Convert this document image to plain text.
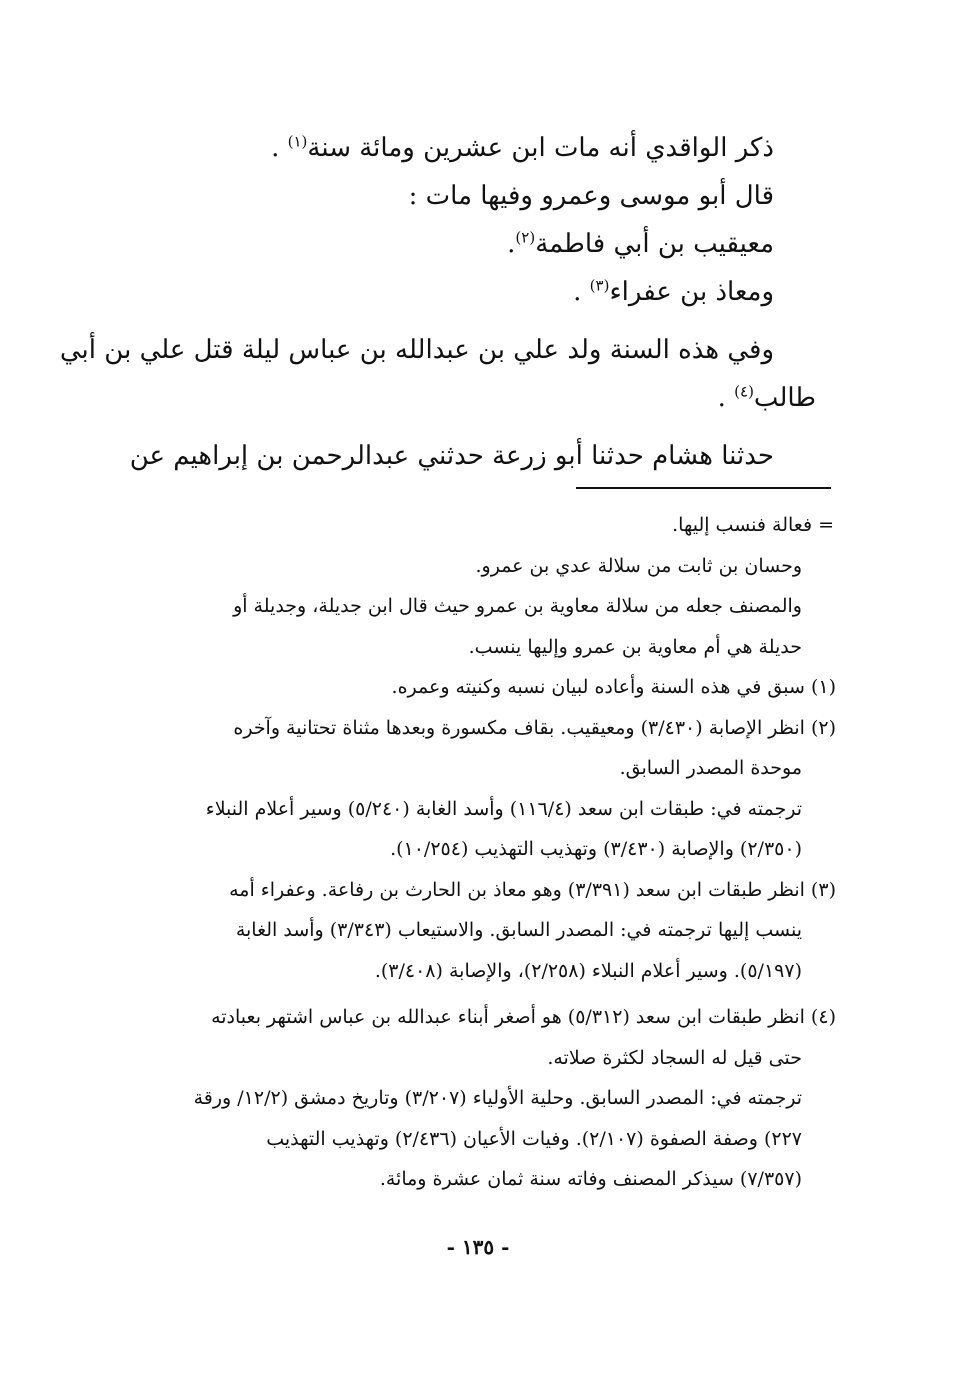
ذكر الواقدي أنه مات ابن عشرين ومائة سنة$^{(١)}$ .
قال أبو موسى وعمرو وفيها مات :
معيقيب بن أبي فاطمة$^{(٢)}$.
ومعاذ بن عفراء$^{(٣)}$ .
وفي هذه السنة ولد علي بن عبدالله بن عباس ليلة قتل علي بن أبي
طالب$^{(٤)}$ .
حدثنا هشام حدثنا أبو زرعة حدثني عبدالرحمن بن إبراهيم عن
= فعالة فنسب إليها.
وحسان بن ثابت من سلالة عدي بن عمرو.
والمصنف جعله من سلالة معاوية بن عمرو حيث قال ابن جديلة، وجديلة أو
حديلة هي أم معاوية بن عمرو وإليها ينسب.
(١) سبق في هذه السنة وأعاده لبيان نسبه وكنيته وعمره.
(٢) انظر الإصابة (٣/٤٣٠) ومعيقيب. بقاف مكسورة وبعدها مثناة تحتانية وآخره
موحدة المصدر السابق.
ترجمته في: طبقات ابن سعد (١١٦/٤) وأسد الغابة (٥/٢٤٠) وسير أعلام النبلاء
(٢/٣٥٠) والإصابة (٣/٤٣٠) وتهذيب التهذيب (١٠/٢٥٤).
(٣) انظر طبقات ابن سعد (٣/٣٩١) وهو معاذ بن الحارث بن رفاعة. وعفراء أمه
ينسب إليها ترجمته في: المصدر السابق. والاستيعاب (٣/٣٤٣) وأسد الغابة
(٥/١٩٧). وسير أعلام النبلاء (٢/٢٥٨)، والإصابة (٣/٤٠٨).
(٤) انظر طبقات ابن سعد (٥/٣١٢) هو أصغر أبناء عبدالله بن عباس اشتهر بعبادته
حتى قيل له السجاد لكثرة صلاته.
ترجمته في: المصدر السابق. وحلية الأولياء (٣/٢٠٧) وتاريخ دمشق (١٢/٢/ ورقة
٢٢٧) وصفة الصفوة (٢/١٠٧). وفيات الأعيان (٢/٤٣٦) وتهذيب التهذيب
(٧/٣٥٧) سيذكر المصنف وفاته سنة ثمان عشرة ومائة.
- ١٣٥ -
